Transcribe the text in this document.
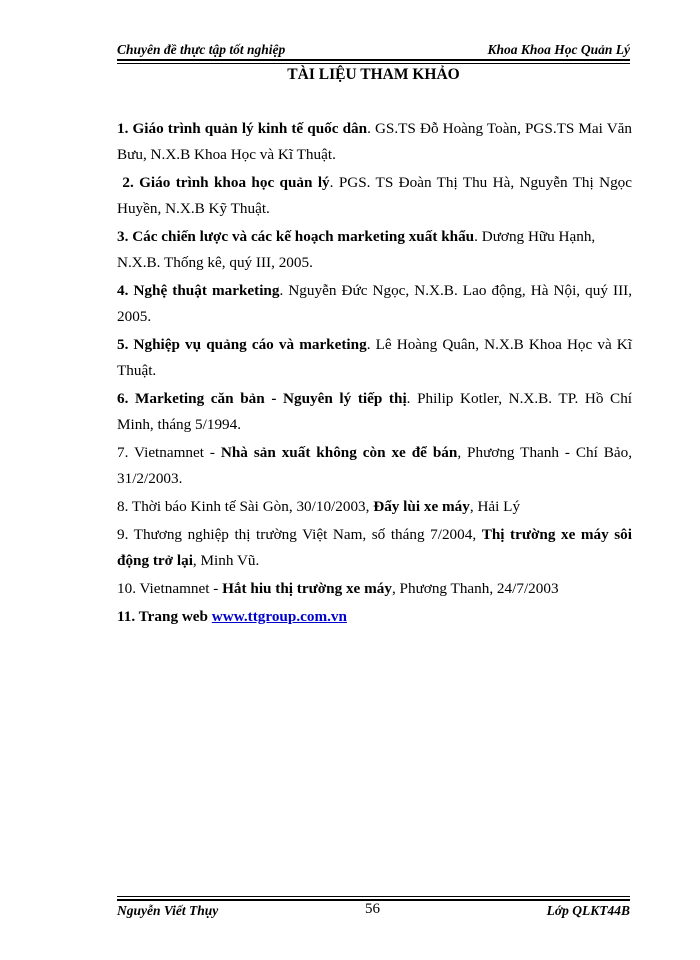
Chuyên đề thực tập tốt nghiệp	Khoa Khoa Học Quản Lý
TÀI LIỆU THAM KHẢO

1. Giáo trình quản lý kinh tế quốc dân. GS.TS Đỗ Hoàng Toàn, PGS.TS Mai Văn Bưu, N.X.B Khoa Học và Kĩ Thuật.

2. Giáo trình khoa học quản lý. PGS. TS Đoàn Thị Thu Hà, Nguyễn Thị Ngọc Huyền, N.X.B Kỹ Thuật.

3. Các chiến lược và các kế hoạch marketing xuất khẩu. Dương Hữu Hạnh, N.X.B. Thống kê, quý III, 2005.

4. Nghệ thuật marketing. Nguyễn Đức Ngọc, N.X.B. Lao động, Hà Nội, quý III, 2005.

5. Nghiệp vụ quảng cáo và marketing. Lê Hoàng Quân, N.X.B Khoa Học và Kĩ Thuật.

6. Marketing căn bản - Nguyên lý tiếp thị. Philip Kotler, N.X.B. TP. Hồ Chí Minh, tháng 5/1994.

7. Vietnamnet - Nhà sản xuất không còn xe để bán, Phương Thanh - Chí Bảo, 31/2/2003.

8. Thời báo Kinh tế Sài Gòn, 30/10/2003, Đẩy lùi xe máy, Hải Lý

9. Thương nghiệp thị trường Việt Nam, số tháng 7/2004, Thị trường xe máy sôi động trở lại, Minh Vũ.

10. Vietnamnet - Hắt hiu thị trường xe máy, Phương Thanh, 24/7/2003

11. Trang web www.ttgroup.com.vn

Nguyễn Viết Thụy	56	Lớp QLKT44B
